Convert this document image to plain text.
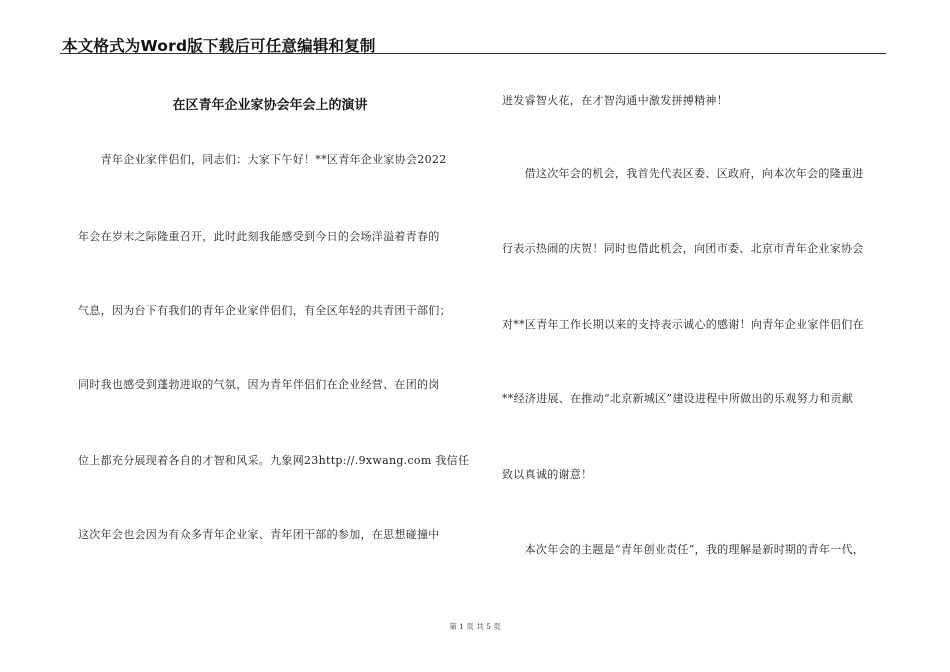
本文格式为Word版下载后可任意编辑和复制
在区青年企业家协会年会上的演讲
　　青年企业家伴侣们，同志们：大家下午好！**区青年企业家协会2022
年会在岁末之际隆重召开，此时此刻我能感受到今日的会场洋溢着青春的
气息，因为台下有我们的青年企业家伴侣们，有全区年轻的共青团干部们；
同时我也感受到蓬勃进取的气氛，因为青年伴侣们在企业经营、在团的岗
位上都充分展现着各自的才智和风采。九象网23http://.9xwang.com 我信任
这次年会也会因为有众多青年企业家、青年团干部的参加，在思想碰撞中
迸发睿智火花，在才智沟通中激发拼搏精神！
　　借这次年会的机会，我首先代表区委、区政府，向本次年会的隆重进
行表示热闹的庆贺！同时也借此机会，向团市委、北京市青年企业家协会
对**区青年工作长期以来的支持表示诚心的感谢！向青年企业家伴侣们在
**经济进展、在推动“北京新城区”建设进程中所做出的乐观努力和贡献
致以真诚的谢意！
　　本次年会的主题是“青年创业责任”，我的理解是新时期的青年一代，
第 1 页 共 5 页
